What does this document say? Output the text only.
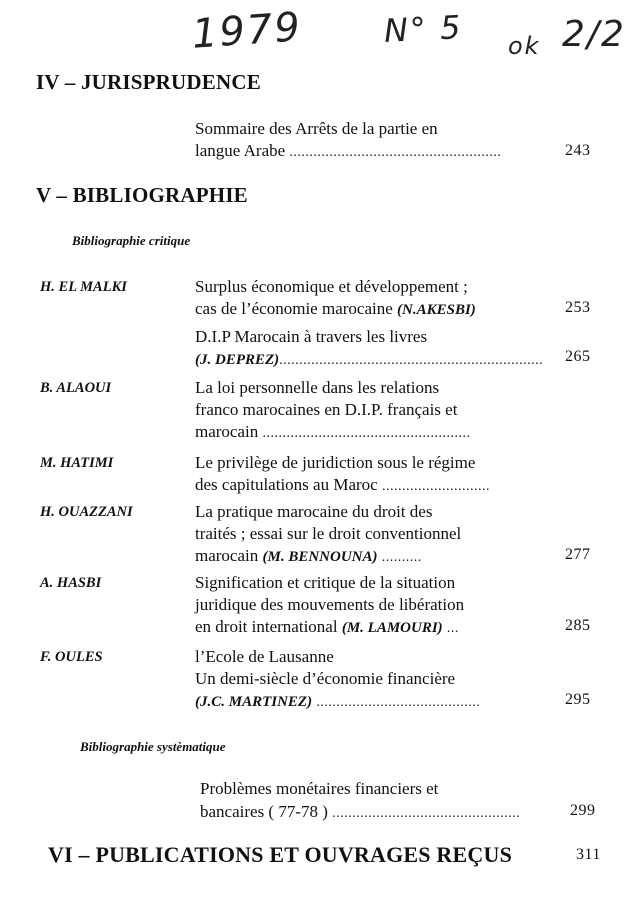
1979 N° 5 ok 2/2
IV – JURISPRUDENCE
Sommaire des Arrêts de la partie en
langue Arabe .....................................................	243
V – BIBLIOGRAPHIE
Bibliographie critique
H. EL MALKI	Surplus économique et développement ;
cas de l’économie marocaine (N.AKESBI)	253
D.I.P Marocain à travers les livres
(J. DEPREZ).................................................................. 265
B. ALAOUI	La loi personnelle dans les relations
franco marocaines en D.I.P. français et
marocain ....................................................
M. HATIMI	Le privilège de juridiction sous le régime
des capitulations au Maroc ...........................
H. OUAZZANI	La pratique marocaine du droit des
traités ; essai sur le droit conventionnel
marocain (M. BENNOUNA) ..........	277
A. HASBI	Signification et critique de la situation
juridique des mouvements de libération
en droit international (M. LAMOURI) ...	285
F. OULES	l’Ecole de Lausanne
Un demi-siècle d’économie financière
(J.C. MARTINEZ) .........................................	295
Bibliographie systèmatique
Problèmes monétaires financiers et
bancaires ( 77-78 ) ...............................................	299
VI – PUBLICATIONS ET OUVRAGES REÇUS	311
